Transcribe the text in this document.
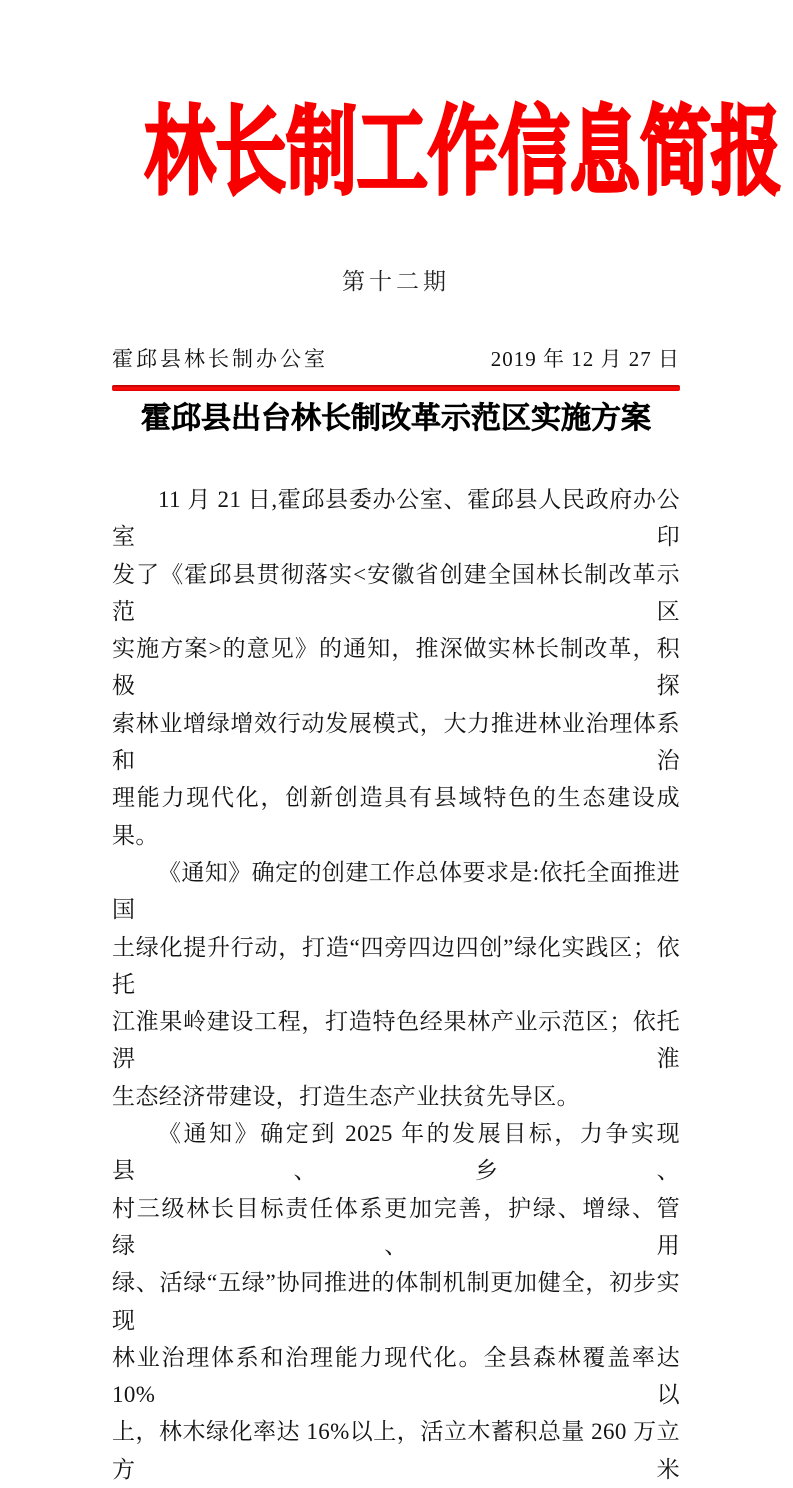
林长制工作信息简报
第十二期
霍邱县林长制办公室	2019 年 12 月 27 日
霍邱县出台林长制改革示范区实施方案
11 月 21 日,霍邱县委办公室、霍邱县人民政府办公室印
发了《霍邱县贯彻落实<安徽省创建全国林长制改革示范区
实施方案>的意见》的通知，推深做实林长制改革，积极探
索林业增绿增效行动发展模式，大力推进林业治理体系和治
理能力现代化，创新创造具有县域特色的生态建设成果。
《通知》确定的创建工作总体要求是:依托全面推进国
土绿化提升行动，打造“四旁四边四创”绿化实践区；依托
江淮果岭建设工程，打造特色经果林产业示范区；依托淠淮
生态经济带建设，打造生态产业扶贫先导区。
《通知》确定到 2025 年的发展目标，力争实现县、乡、
村三级林长目标责任体系更加完善，护绿、增绿、管绿、用
绿、活绿“五绿”协同推进的体制机制更加健全，初步实现
林业治理体系和治理能力现代化。全县森林覆盖率达 10%以
上，林木绿化率达 16%以上，活立木蓄积总量 260 万立方米
